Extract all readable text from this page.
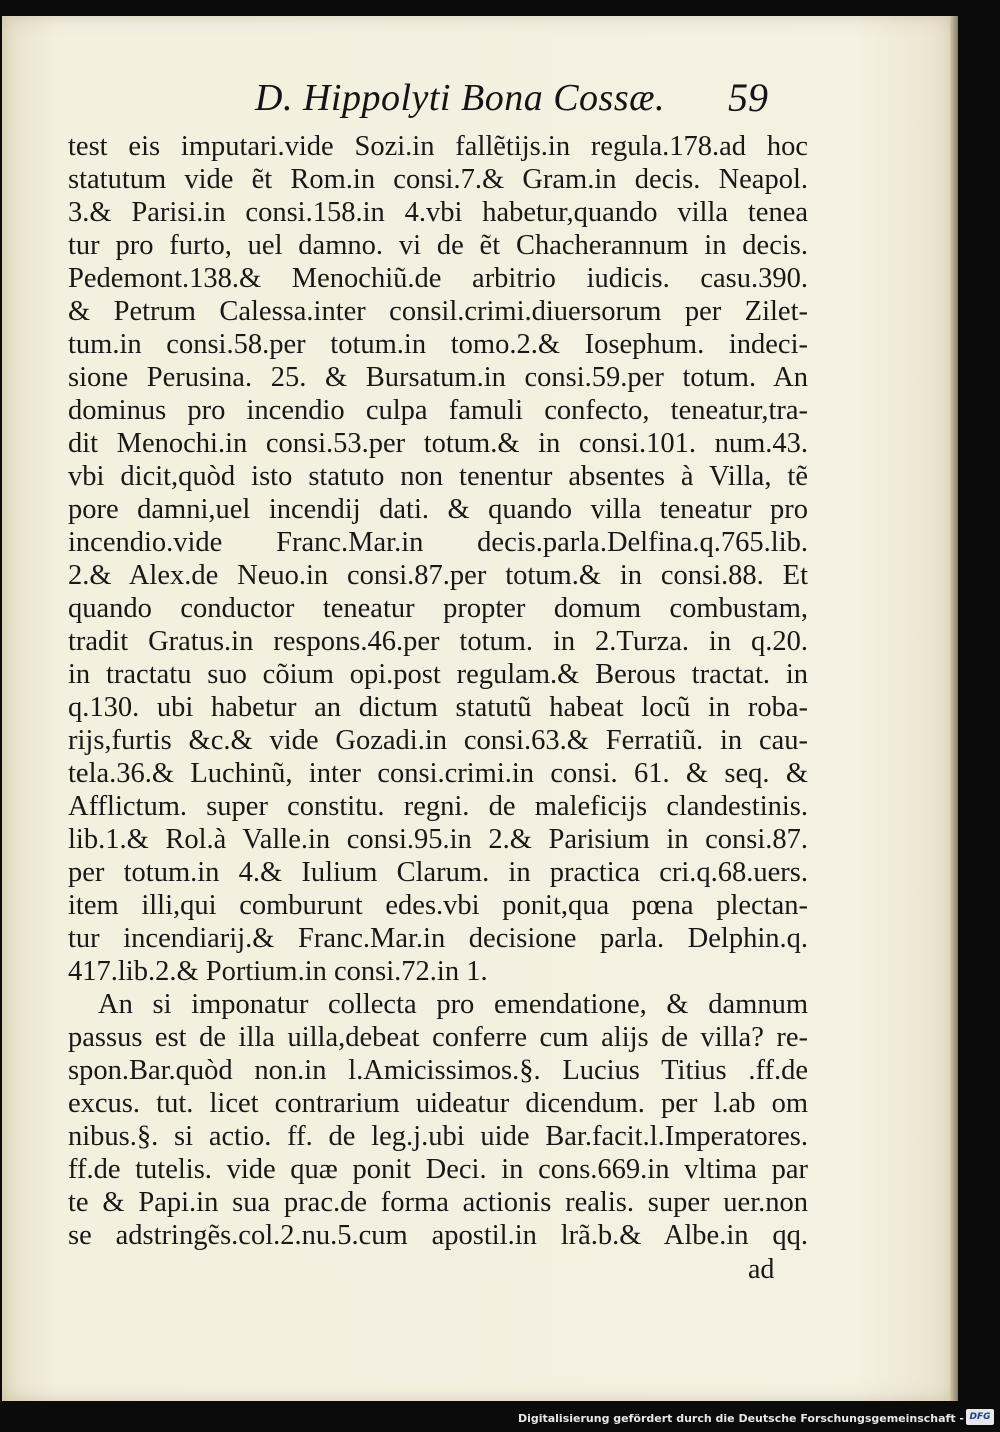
D. Hippolyti Bona Cossæ. 59
test eis imputari.vide Sozi.in fallẽtijs.in regula.178.ad hoc
statutum vide ẽt Rom.in consi.7.& Gram.in decis. Neapol.
3.& Parisi.in consi.158.in 4.vbi habetur,quando villa tenea
tur pro furto, uel damno. vi de ẽt Chacherannum in decis.
Pedemont.138.& Menochiũ.de arbitrio iudicis. casu.390.
& Petrum Calessa.inter consil.crimi.diuersorum per Zilet-
tum.in consi.58.per totum.in tomo.2.& Iosephum. indeci-
sione Perusina. 25. & Bursatum.in consi.59.per totum. An
dominus pro incendio culpa famuli confecto, teneatur,tra-
dit Menochi.in consi.53.per totum.& in consi.101. num.43.
vbi dicit,quòd isto statuto non tenentur absentes à Villa, tẽ
pore damni,uel incendij dati. & quando villa teneatur pro
incendio.vide Franc.Mar.in decis.parla.Delfina.q.765.lib.
2.& Alex.de Neuo.in consi.87.per totum.& in consi.88. Et
quando conductor teneatur propter domum combustam,
tradit Gratus.in respons.46.per totum. in 2.Turza. in q.20.
in tractatu suo cõium opi.post regulam.& Berous tractat. in
q.130. ubi habetur an dictum statutũ habeat locũ in roba-
rijs,furtis &c.& vide Gozadi.in consi.63.& Ferratiũ. in cau-
tela.36.& Luchinũ, inter consi.crimi.in consi. 61. & seq. &
Afflictum. super constitu. regni. de maleficijs clandestinis.
lib.1.& Rol.à Valle.in consi.95.in 2.& Parisium in consi.87.
per totum.in 4.& Iulium Clarum. in practica cri.q.68.uers.
item illi,qui comburunt edes.vbi ponit,qua pœna plectan-
tur incendiarij.& Franc.Mar.in decisione parla. Delphin.q.
417.lib.2.& Portium.in consi.72.in 1.
An si imponatur collecta pro emendatione, & damnum
passus est de illa uilla,debeat conferre cum alijs de villa? re-
spon.Bar.quòd non.in l.Amicissimos.§. Lucius Titius .ff.de
excus. tut. licet contrarium uideatur dicendum. per l.ab om
nibus.§. si actio. ff. de leg.j.ubi uide Bar.facit.l.Imperatores.
ff.de tutelis. vide quæ ponit Deci. in cons.669.in vltima par
te & Papi.in sua prac.de forma actionis realis. super uer.non
se adstringẽs.col.2.nu.5.cum apostil.in lrã.b.& Albe.in qq.
ad
Digitalisierung gefördert durch die Deutsche Forschungsgemeinschaft - DFG
